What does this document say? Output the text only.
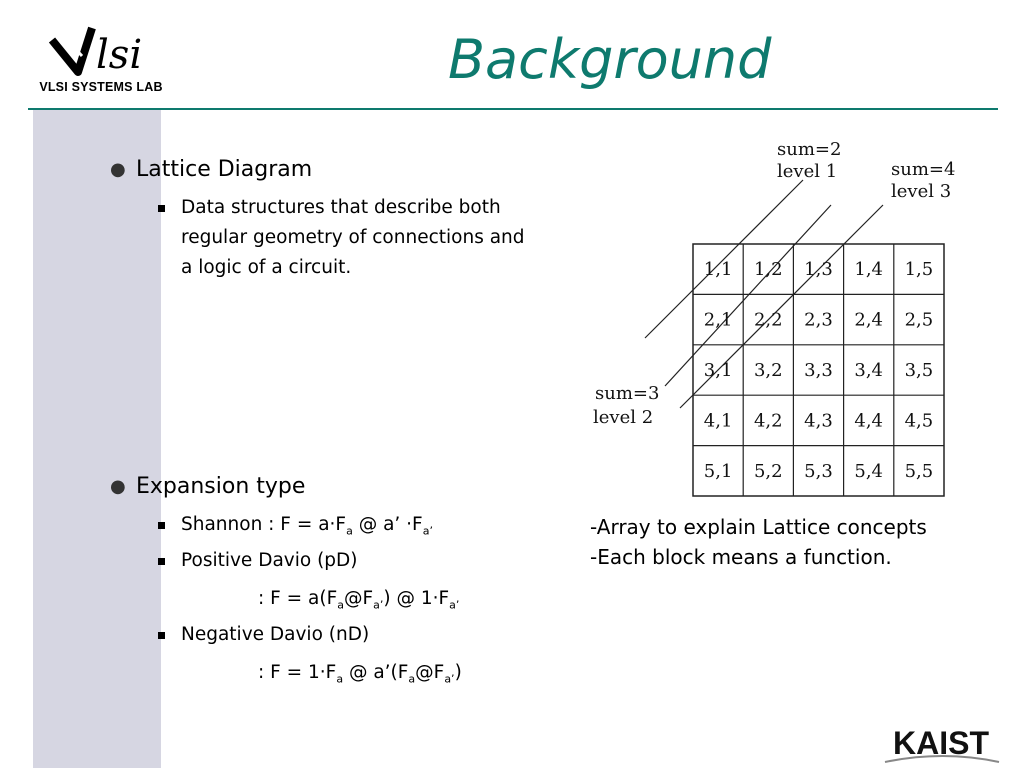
lsi
VLSI SYSTEMS LAB	Background
● Lattice Diagram
Data structures that describe both regular geometry of connections and a logic of a circuit.
● Expansion type
Shannon : $F = a\cdot F_a$ @ a’ $\cdot F_{a’}$
Positive Davio (pD)
: $F = a(F_a@F_{a’})$ @ $1\cdot F_{a’}$
Negative Davio (nD)
: $F = 1\cdot F_a$ @ $a’(F_a@F_{a’})$
1,1 1,2 1,3 1,4 1,5
2,1 2,2 2,3 2,4 2,5
3,1 3,2 3,3 3,4 3,5
4,1 4,2 4,3 4,4 4,5
5,1 5,2 5,3 5,4 5,5
sum=2
level 1	sum=4
level 3
sum=3
level 2
-Array to explain Lattice concepts
-Each block means a function.
KAIST
